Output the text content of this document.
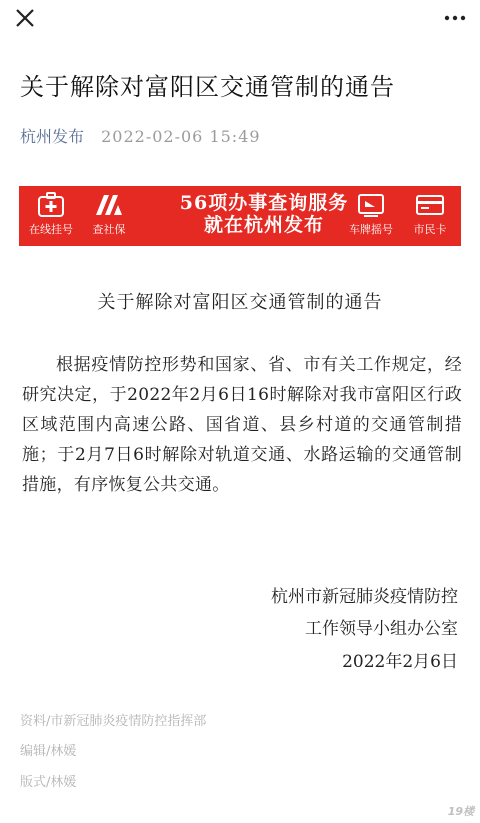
关于解除对富阳区交通管制的通告
杭州发布 2022-02-06 15:49
在线挂号	查社保
56项办事查询服务
就在杭州发布	车牌摇号	市民卡
关于解除对富阳区交通管制的通告
根据疫情防控形势和国家、省、市有关工作规定，经研究决定，于2022年2月6日16时解除对我市富阳区行政区域范围内高速公路、国省道、县乡村道的交通管制措施；于2月7日6时解除对轨道交通、水路运输的交通管制措施，有序恢复公共交通。
杭州市新冠肺炎疫情防控
工作领导小组办公室
2022年2月6日
资料/市新冠肺炎疫情防控指挥部
编辑/林媛
版式/林媛
19楼
